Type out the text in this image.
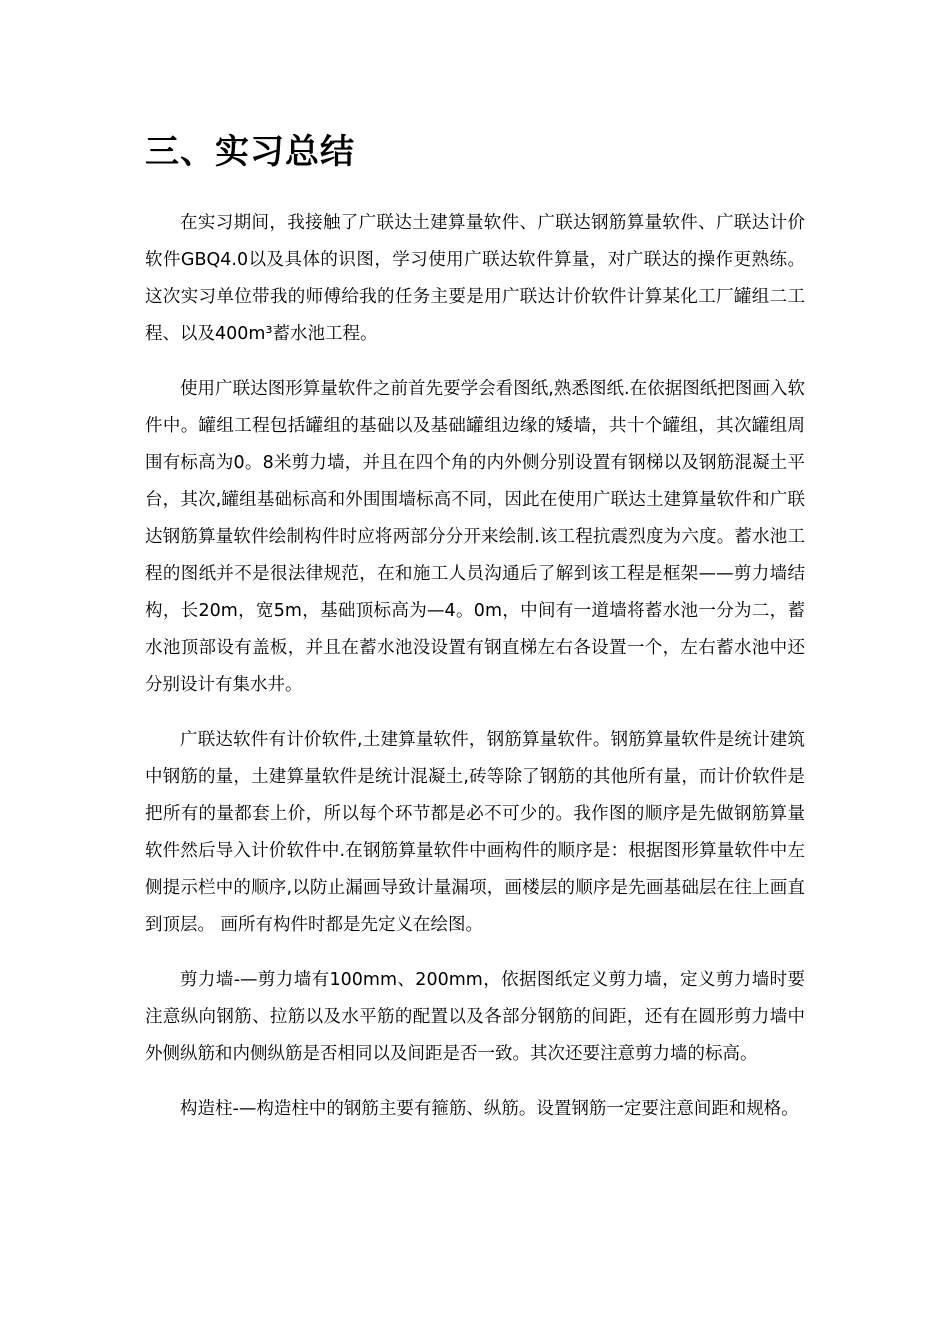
三、实习总结

在实习期间，我接触了广联达土建算量软件、广联达钢筋算量软件、广联达计价软件GBQ4.0以及具体的识图，学习使用广联达软件算量，对广联达的操作更熟练。这次实习单位带我的师傅给我的任务主要是用广联达计价软件计算某化工厂罐组二工程、以及400m³蓄水池工程。

使用广联达图形算量软件之前首先要学会看图纸,熟悉图纸.在依据图纸把图画入软件中。罐组工程包括罐组的基础以及基础罐组边缘的矮墙，共十个罐组，其次罐组周围有标高为0。8米剪力墙，并且在四个角的内外侧分别设置有钢梯以及钢筋混凝土平台，其次,罐组基础标高和外围围墙标高不同，因此在使用广联达土建算量软件和广联达钢筋算量软件绘制构件时应将两部分分开来绘制.该工程抗震烈度为六度。蓄水池工程的图纸并不是很法律规范，在和施工人员沟通后了解到该工程是框架——剪力墙结构，长20m，宽5m，基础顶标高为—4。0m，中间有一道墙将蓄水池一分为二，蓄水池顶部设有盖板，并且在蓄水池没设置有钢直梯左右各设置一个，左右蓄水池中还分别设计有集水井。

广联达软件有计价软件,土建算量软件，钢筋算量软件。钢筋算量软件是统计建筑中钢筋的量，土建算量软件是统计混凝土,砖等除了钢筋的其他所有量，而计价软件是把所有的量都套上价，所以每个环节都是必不可少的。我作图的顺序是先做钢筋算量软件然后导入计价软件中.在钢筋算量软件中画构件的顺序是：根据图形算量软件中左侧提示栏中的顺序,以防止漏画导致计量漏项，画楼层的顺序是先画基础层在往上画直到顶层。 画所有构件时都是先定义在绘图。

剪力墙-—剪力墙有100mm、200mm，依据图纸定义剪力墙，定义剪力墙时要注意纵向钢筋、拉筋以及水平筋的配置以及各部分钢筋的间距，还有在圆形剪力墙中外侧纵筋和内侧纵筋是否相同以及间距是否一致。其次还要注意剪力墙的标高。

构造柱-—构造柱中的钢筋主要有箍筋、纵筋。设置钢筋一定要注意间距和规格。
